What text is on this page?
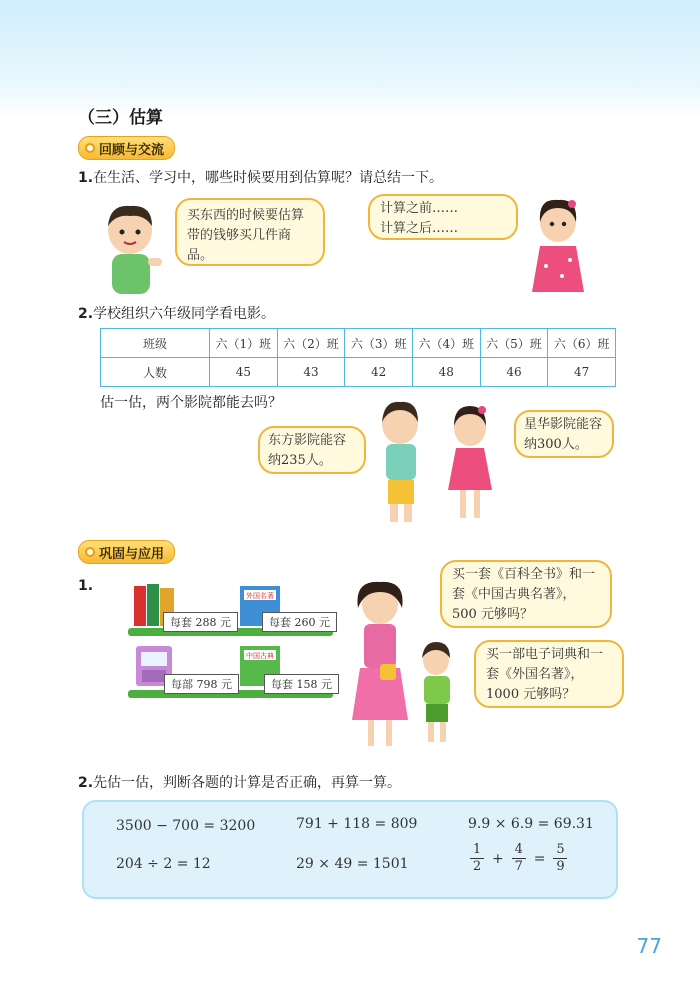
（三）估算
回顾与交流
1.在生活、学习中，哪些时候要用到估算呢？请总结一下。
买东西的时候要估算带的钱够买几件商品。
计算之前……
计算之后……
2.学校组织六年级同学看电影。
班级	六（1）班	六（2）班	六（3）班	六（4）班	六（5）班	六（6）班
人数	45	43	42	48	46	47
估一估，两个影院都能去吗？
东方影院能容纳235人。
星华影院能容纳300人。
巩固与应用
1.
每套 288 元
外国名著
每套 260 元
每部 798 元
中国古典
每套 158 元
买一套《百科全书》和一套《中国古典名著》，500 元够吗？
买一部电子词典和一套《外国名著》，1000 元够吗？
2.先估一估，判断各题的计算是否正确，再算一算。
3500 − 700 = 3200	791 + 118 = 809	9.9 × 6.9 = 69.31
204 ÷ 2 = 12	29 × 49 = 1501	$\frac{1}{2} + \frac{4}{7} = \frac{5}{9}$
77
